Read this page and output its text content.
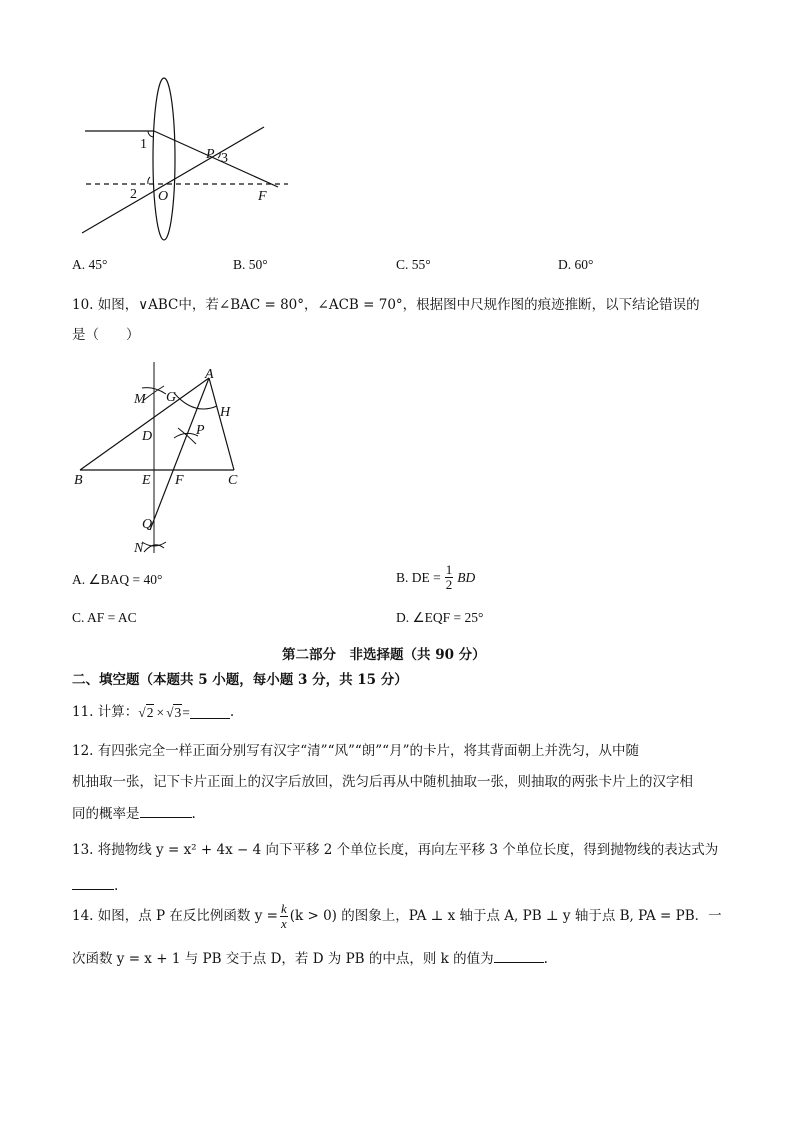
1
2 O
P 3
F
A. 45°	B. 50°	C. 55°	D. 60°
10. 如图，∨ABC中，若∠BAC = 80°，∠ACB = 70°，根据图中尺规作图的痕迹推断，以下结论错误的
是（　　）
A
B	C
D
E F
G
H
M
N
P
Q
A. ∠BAQ = 40°	B. DE = $\frac{1}{2}$ BD
C. AF = AC	D. ∠EQF = 25°
第二部分　非选择题（共 90 分）
二、填空题（本题共 5 小题，每小题 3 分，共 15 分）
11. 计算： √2 × √3 =	.
12. 有四张完全一样正面分别写有汉字“清”“风”“朗”“月”的卡片，将其背面朝上并洗匀，从中随
机抽取一张，记下卡片正面上的汉字后放回，洗匀后再从中随机抽取一张，则抽取的两张卡片上的汉字相
同的概率是	.
13. 将抛物线 y = x² + 4x − 4 向下平移 2 个单位长度，再向左平移 3 个单位长度，得到抛物线的表达式为
.
14. 如图，点 P 在反比例函数 $y = \frac{k}{x} (k > 0)$ 的图象上，PA ⊥ x 轴于点 A, PB ⊥ y 轴于点 B, PA = PB．一
次函数 y = x + 1 与 PB 交于点 D，若 D 为 PB 的中点，则 k 的值为	.
